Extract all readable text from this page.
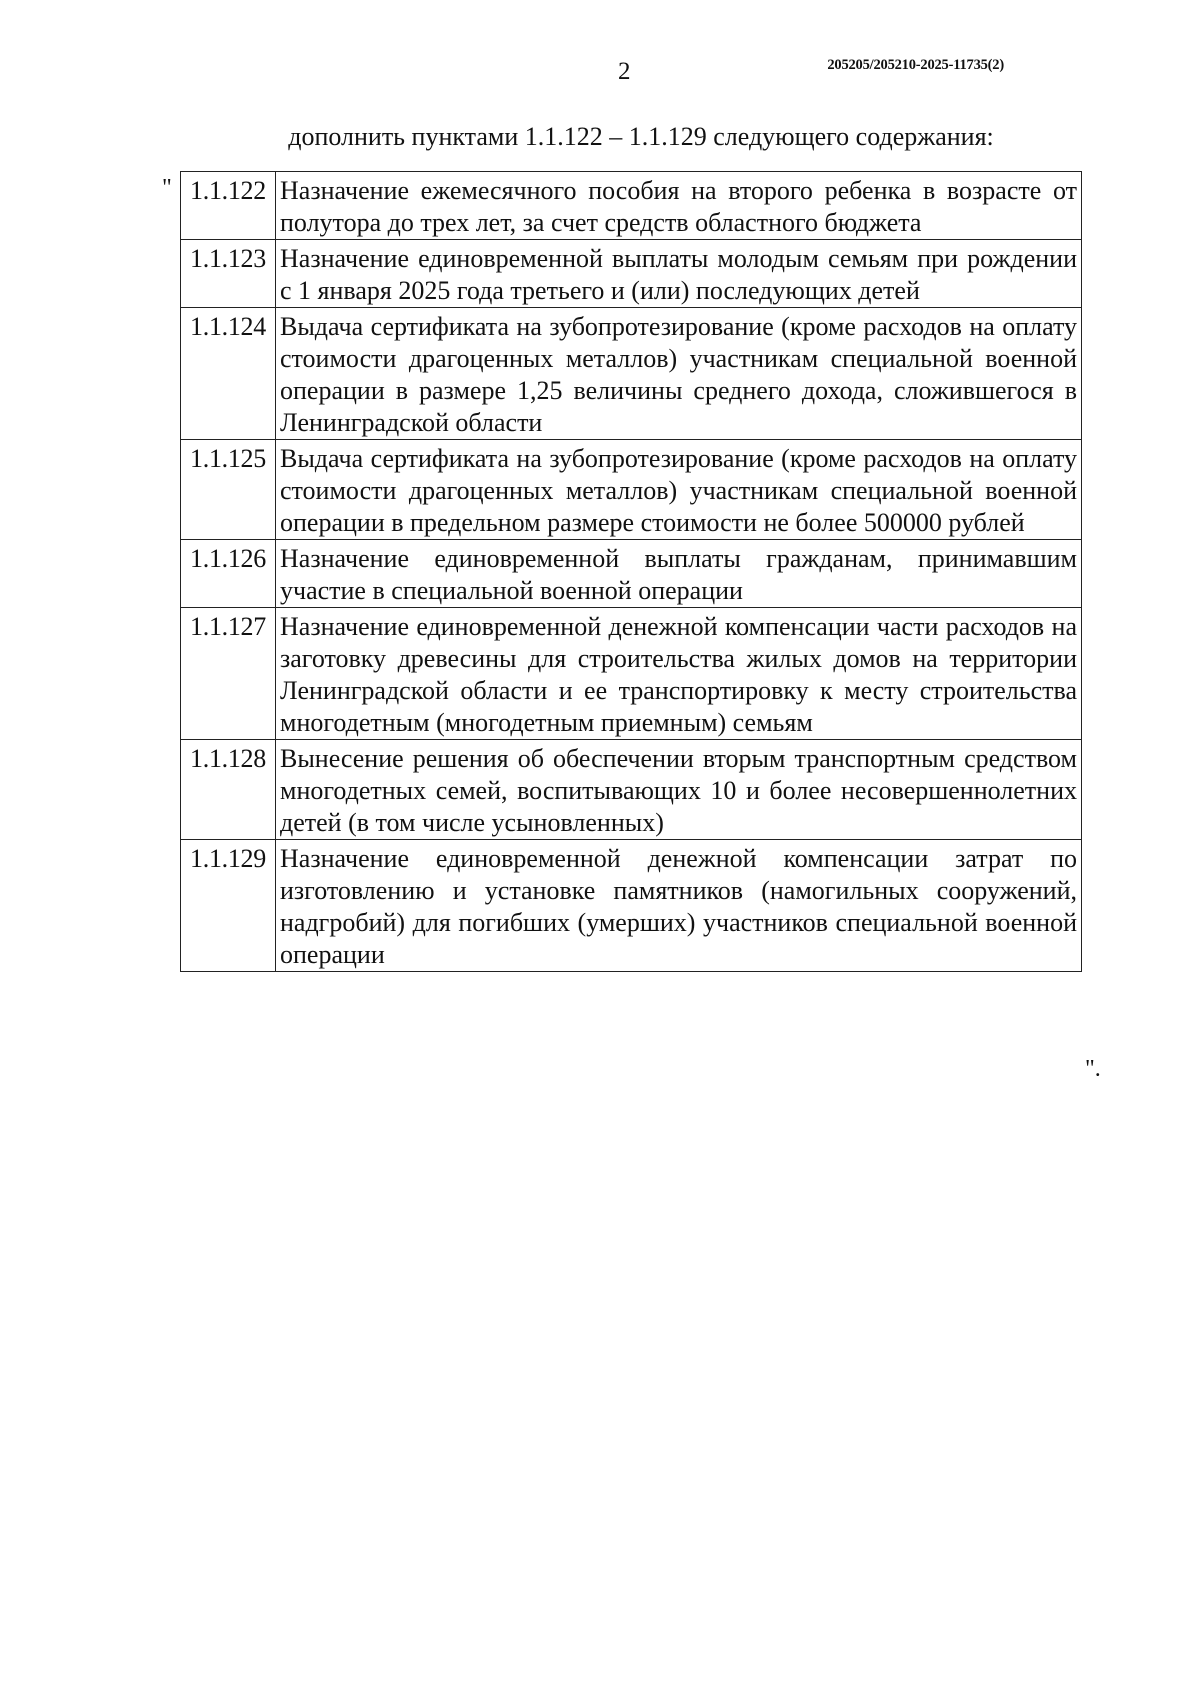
2	205205/205210-2025-11735(2)
дополнить пунктами 1.1.122 – 1.1.129 следующего содержания:
" 1.1.122	Назначение ежемесячного пособия на второго ребенка в возрасте от полутора до трех лет, за счет средств областного бюджета
1.1.123	Назначение единовременной выплаты молодым семьям при рождении с 1 января 2025 года третьего и (или) последующих детей
1.1.124	Выдача сертификата на зубопротезирование (кроме расходов на оплату стоимости драгоценных металлов) участникам специальной военной операции в размере 1,25 величины среднего дохода, сложившегося в Ленинградской области
1.1.125	Выдача сертификата на зубопротезирование (кроме расходов на оплату стоимости драгоценных металлов) участникам специальной военной операции в предельном размере стоимости не более 500000 рублей
1.1.126	Назначение единовременной выплаты гражданам, принимавшим участие в специальной военной операции
1.1.127	Назначение единовременной денежной компенсации части расходов на заготовку древесины для строительства жилых домов на территории Ленинградской области и ее транспортировку к месту строительства многодетным (многодетным приемным) семьям
1.1.128	Вынесение решения об обеспечении вторым транспортным средством многодетных семей, воспитывающих 10 и более несовершеннолетних детей (в том числе усыновленных)
1.1.129	Назначение единовременной денежной компенсации затрат по изготовлению и установке памятников (намогильных сооружений, надгробий) для погибших (умерших) участников специальной военной операции
".
